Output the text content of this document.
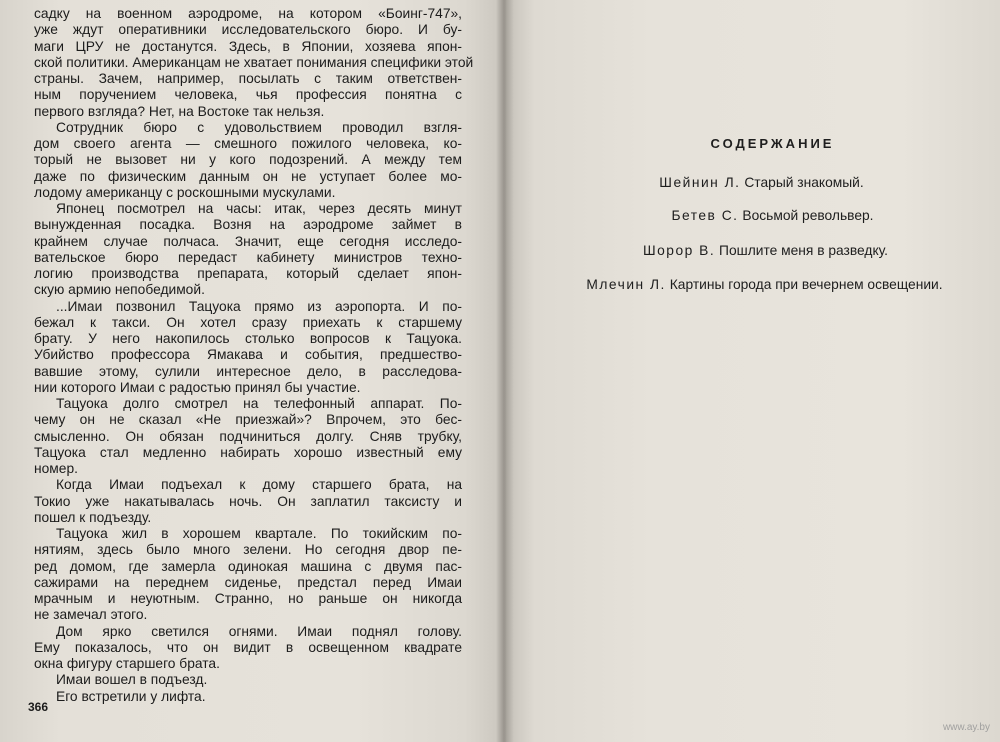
садку на военном аэродроме, на котором «Боинг-747»,
уже ждут оперативники исследовательского бюро. И бу-
маги ЦРУ не достанутся. Здесь, в Японии, хозяева япон-
ской политики. Американцам не хватает понимания специфики этой
страны. Зачем, например, посылать с таким ответствен-
ным поручением человека, чья профессия понятна с
первого взгляда? Нет, на Востоке так нельзя.
Сотрудник бюро с удовольствием проводил взгля-
дом своего агента — смешного пожилого человека, ко-
торый не вызовет ни у кого подозрений. А между тем
даже по физическим данным он не уступает более мо-
лодому американцу с роскошными мускулами.
Японец посмотрел на часы: итак, через десять минут
вынужденная посадка. Возня на аэродроме займет в
крайнем случае полчаса. Значит, еще сегодня исследо-
вательское бюро передаст кабинету министров техно-
логию производства препарата, который сделает япон-
скую армию непобедимой.
...Имаи позвонил Тацуока прямо из аэропорта. И по-
бежал к такси. Он хотел сразу приехать к старшему
брату. У него накопилось столько вопросов к Тацуока.
Убийство профессора Ямакава и события, предшество-
вавшие этому, сулили интересное дело, в расследова-
нии которого Имаи с радостью принял бы участие.
Тацуока долго смотрел на телефонный аппарат. По-
чему он не сказал «Не приезжай»? Впрочем, это бес-
смысленно. Он обязан подчиниться долгу. Сняв трубку,
Тацуока стал медленно набирать хорошо известный ему
номер.
Когда Имаи подъехал к дому старшего брата, на
Токио уже накатывалась ночь. Он заплатил таксисту и
пошел к подъезду.
Тацуока жил в хорошем квартале. По токийским по-
нятиям, здесь было много зелени. Но сегодня двор пе-
ред домом, где замерла одинокая машина с двумя пас-
сажирами на переднем сиденье, предстал перед Имаи
мрачным и неуютным. Странно, но раньше он никогда
не замечал этого.
Дом ярко светился огнями. Имаи поднял голову.
Ему показалось, что он видит в освещенном квадрате
окна фигуру старшего брата.
Имаи вошел в подъезд.
Его встретили у лифта.
366
СОДЕРЖАНИЕ
Шейнин Л. Старый знакомый.
Бетев С. Восьмой револьвер.
Шорор В. Пошлите меня в разведку.
Млечин Л. Картины города при вечернем освещении.
www.ay.by
